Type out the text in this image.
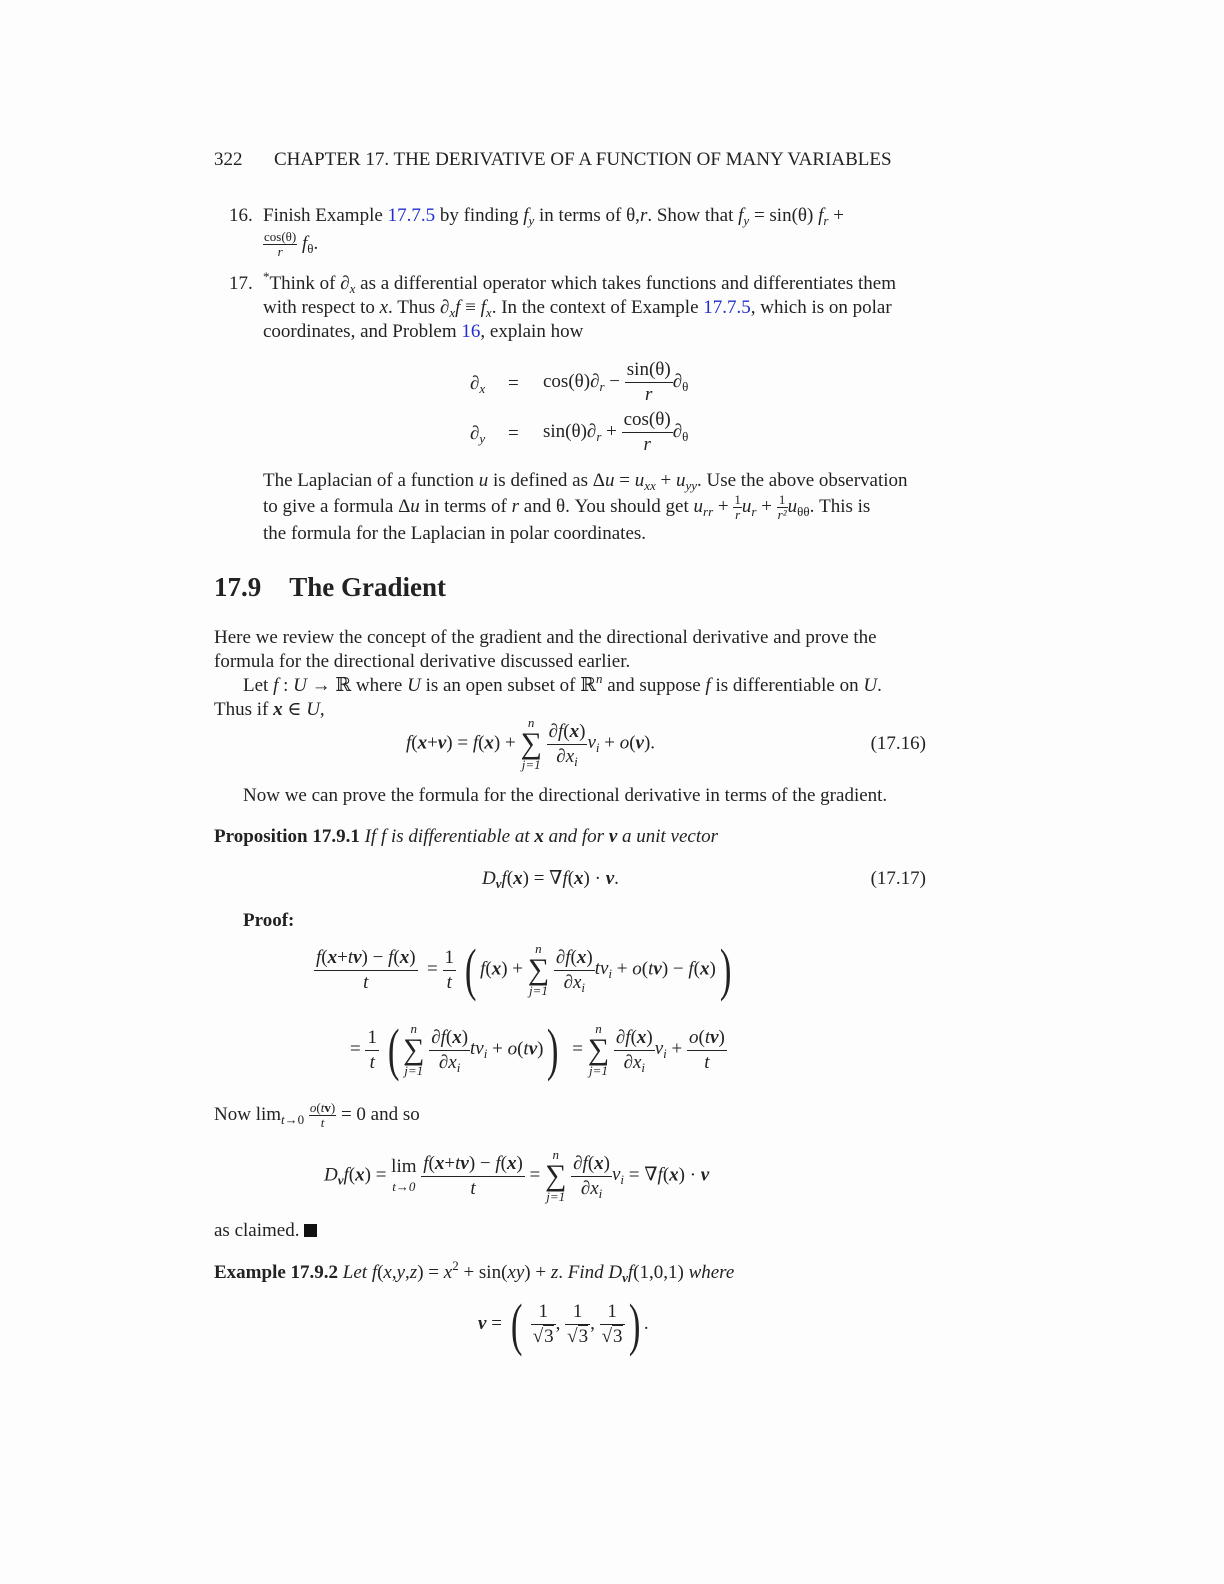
322 CHAPTER 17. THE DERIVATIVE OF A FUNCTION OF MANY VARIABLES
16. Finish Example 17.7.5 by finding $f_y$ in terms of θ,r. Show that $f_y = \sin(\theta) f_r$ +
$\frac{\cos(\theta)}{r} f_\theta$.
17. *Think of $\partial_x$ as a differential operator which takes functions and differentiates them
with respect to x. Thus $\partial_xf \equiv f_x$. In the context of Example 17.7.5, which is on polar
coordinates, and Problem 16, explain how
$\partial_x = \cos(\theta)\partial_r - \frac{\sin(\theta)}{r} \partial_\theta$
$\partial_y = \sin(\theta)\partial_r + \frac{\cos(\theta)}{r} \partial_\theta$
The Laplacian of a function u is defined as $\Delta u = u_{xx} + u_{yy}$. Use the above observation
to give a formula Δu in terms of r and θ. You should get $u_{rr} + \frac{1}{r} u_r + \frac{1}{\text{r²}} u_{\theta\theta}$. This is
the formula for the Laplacian in polar coordinates.
17.9 The Gradient
Here we review the concept of the gradient and the directional derivative and prove the
formula for the directional derivative discussed earlier.
Let f : U → ℝ where U is an open subset of ℝ$^n$ and suppose f is differentiable on U.
Thus if x ∈ U,
f(x+v) = f(x) +
n
∑
j=1
$\frac{\partial f(x)}{\partial x_i} v_i + o(v)$.	(17.16)
Now we can prove the formula for the directional derivative in terms of the gradient.
Proposition 17.9.1 If f is differentiable at x and for v a unit vector
$D_vf(x) = \nabla f(x) \cdot v$.	(17.17)
Proof:
$\frac{f(x+tv) - f(x)}{t} = \frac{1}{t}$ ( f(x) +
n
∑
j=1
$\frac{\partial f(x)}{\partial x_i} tv_i + o(tv) - f(x)$)
= $\frac{1}{t}$ ( n
∑
j=1
$\frac{\partial f(x)}{\partial x_i} tv_i + o(tv)$)  =
n
∑
j=1
$\frac{\partial f(x)}{\partial x_i} v_i + \frac{o(tv)}{t}$
Now $\lim_{t\to 0} \frac{o(tv)}{t} = 0$ and so
$D_vf(x) = \lim$
t→0
$\frac{f(x+tv) - f(x)}{t}$ =
n
∑
j=1
$\frac{\partial f(x)}{\partial x_i} v_i = \nabla f(x) \cdot v$
as claimed.
Example 17.9.2 Let $f(x,y,z) = x^2 + \sin(xy) + z$. Find $D_vf(1,0,1)$ where
v = ( $\frac{1}{√3}$ , $\frac{1}{√3}$ , $\frac{1}{√3}$ ) .
